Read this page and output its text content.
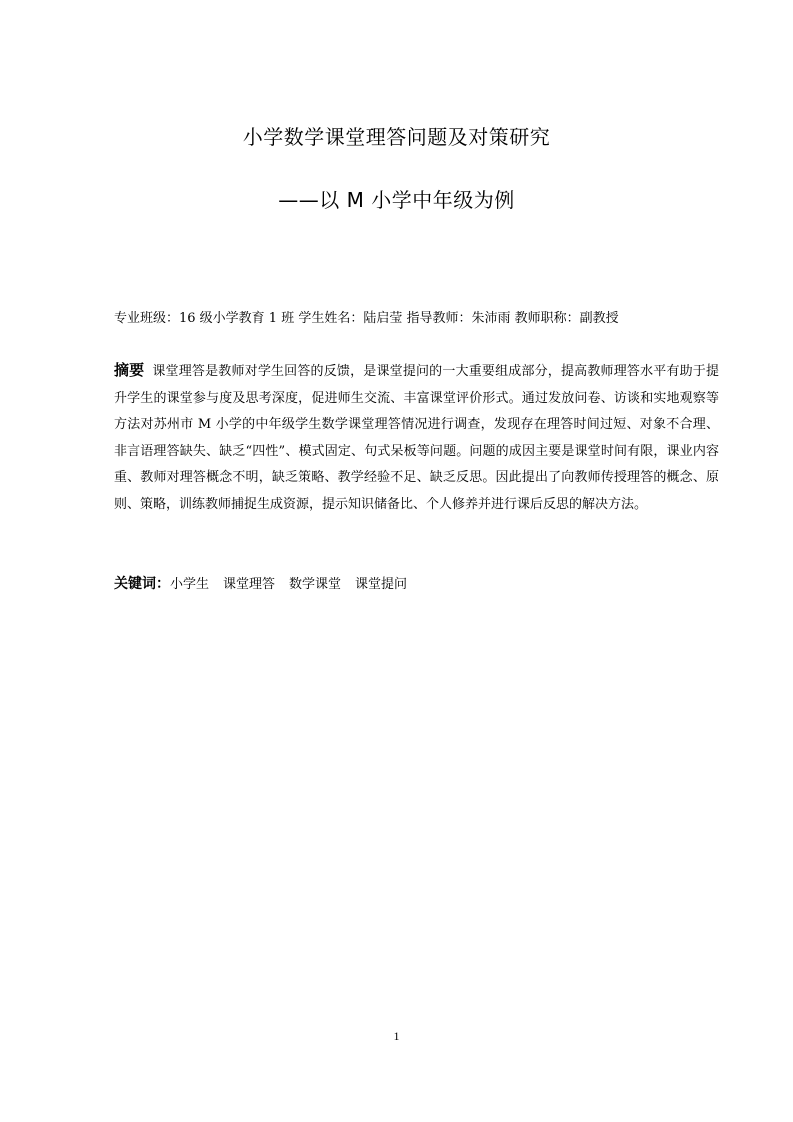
小学数学课堂理答问题及对策研究
——以 M 小学中年级为例
专业班级：16 级小学教育 1 班 学生姓名：陆启莹 指导教师：朱沛雨 教师职称：副教授
摘要 课堂理答是教师对学生回答的反馈，是课堂提问的一大重要组成部分，提高教师理答水平有助于提升学生的课堂参与度及思考深度，促进师生交流、丰富课堂评价形式。通过发放问卷、访谈和实地观察等方法对苏州市 M 小学的中年级学生数学课堂理答情况进行调查，发现存在理答时间过短、对象不合理、非言语理答缺失、缺乏“四性”、模式固定、句式呆板等问题。问题的成因主要是课堂时间有限，课业内容重、教师对理答概念不明，缺乏策略、教学经验不足、缺乏反思。因此提出了向教师传授理答的概念、原则、策略，训练教师捕捉生成资源，提示知识储备比、个人修养并进行课后反思的解决方法。
关键词：小学生 课堂理答 数学课堂 课堂提问
1
